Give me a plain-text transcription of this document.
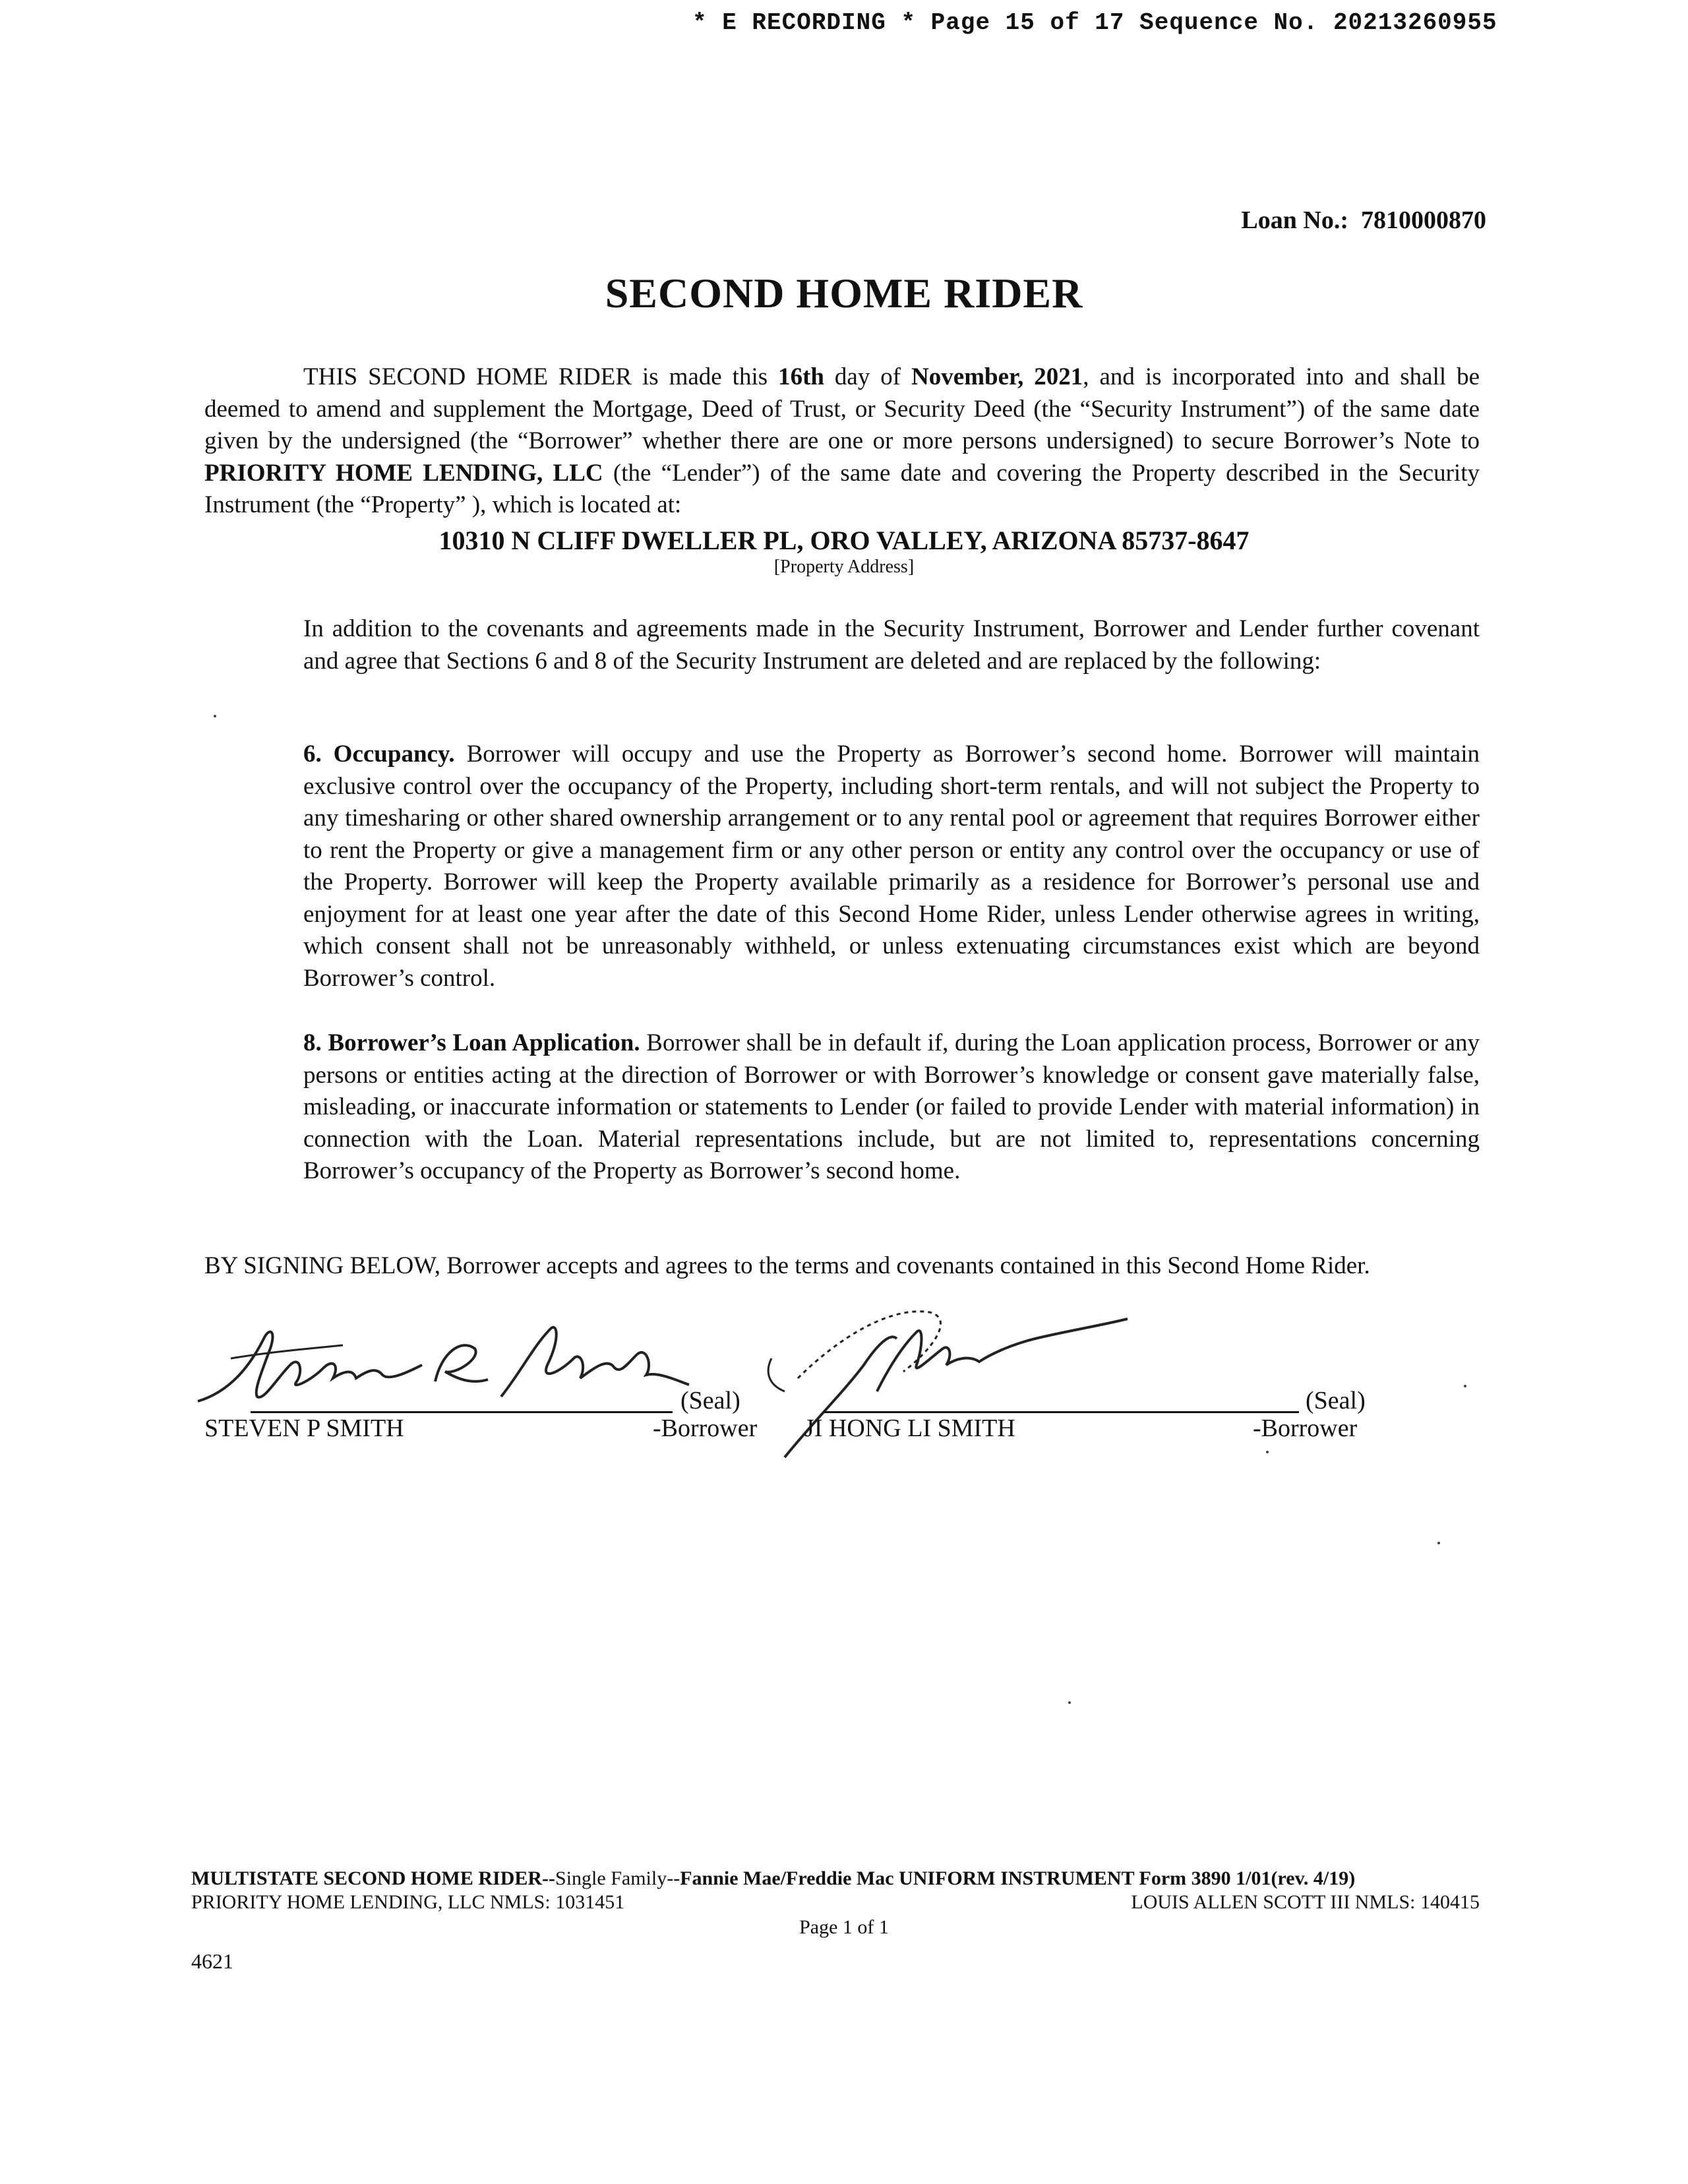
* E RECORDING * Page 15 of 17 Sequence No. 20213260955
Loan No.: 7810000870
SECOND HOME RIDER
THIS SECOND HOME RIDER is made this 16th day of November, 2021, and is incorporated into and shall be deemed to amend and supplement the Mortgage, Deed of Trust, or Security Deed (the “Security Instrument”) of the same date given by the undersigned (the “Borrower” whether there are one or more persons undersigned) to secure Borrower’s Note to PRIORITY HOME LENDING, LLC (the “Lender”) of the same date and covering the Property described in the Security Instrument (the “Property” ), which is located at:
10310 N CLIFF DWELLER PL, ORO VALLEY, ARIZONA 85737-8647
[Property Address]
In addition to the covenants and agreements made in the Security Instrument, Borrower and Lender further covenant and agree that Sections 6 and 8 of the Security Instrument are deleted and are replaced by the following:
6. Occupancy. Borrower will occupy and use the Property as Borrower’s second home. Borrower will maintain exclusive control over the occupancy of the Property, including short-term rentals, and will not subject the Property to any timesharing or other shared ownership arrangement or to any rental pool or agreement that requires Borrower either to rent the Property or give a management firm or any other person or entity any control over the occupancy or use of the Property. Borrower will keep the Property available primarily as a residence for Borrower’s personal use and enjoyment for at least one year after the date of this Second Home Rider, unless Lender otherwise agrees in writing, which consent shall not be unreasonably withheld, or unless extenuating circumstances exist which are beyond Borrower’s control.
8. Borrower’s Loan Application. Borrower shall be in default if, during the Loan application process, Borrower or any persons or entities acting at the direction of Borrower or with Borrower’s knowledge or consent gave materially false, misleading, or inaccurate information or statements to Lender (or failed to provide Lender with material information) in connection with the Loan. Material representations include, but are not limited to, representations concerning Borrower’s occupancy of the Property as Borrower’s second home.
BY SIGNING BELOW, Borrower accepts and agrees to the terms and covenants contained in this Second Home Rider.
(Seal)
STEVEN P SMITH	-Borrower
(Seal)
JI HONG LI SMITH	-Borrower
MULTISTATE SECOND HOME RIDER--Single Family--Fannie Mae/Freddie Mac UNIFORM INSTRUMENT Form 3890 1/01(rev. 4/19)
PRIORITY HOME LENDING, LLC NMLS: 1031451	LOUIS ALLEN SCOTT III NMLS: 140415
Page 1 of 1
4621
